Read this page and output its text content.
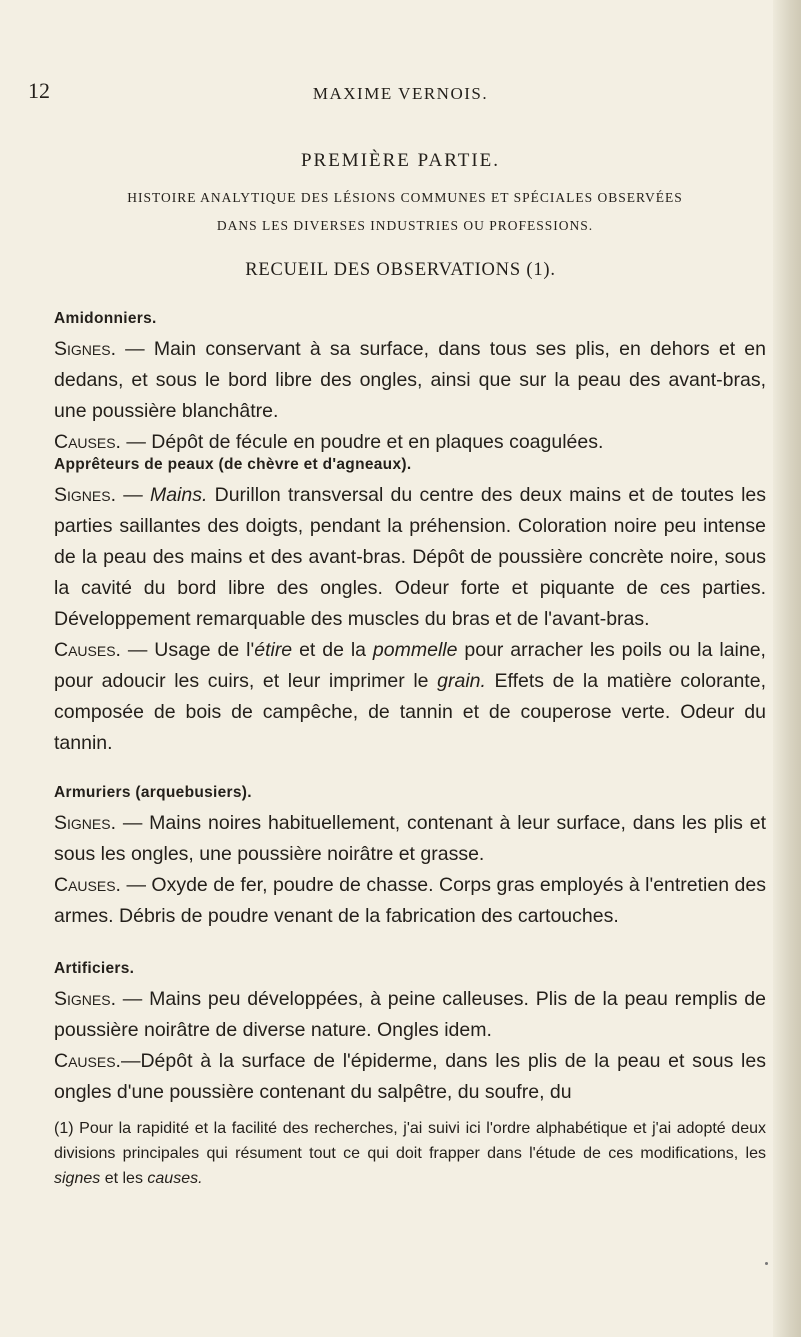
12	MAXIME VERNOIS.
PREMIÈRE PARTIE.
HISTOIRE ANALYTIQUE DES LÉSIONS COMMUNES ET SPÉCIALES OBSERVÉES
DANS LES DIVERSES INDUSTRIES OU PROFESSIONS.
RECUEIL DES OBSERVATIONS (1).
Amidonniers.
Signes. — Main conservant à sa surface, dans tous ses plis, en dehors et en dedans, et sous le bord libre des ongles, ainsi que sur la peau des avant-bras, une poussière blanchâtre.
Causes. — Dépôt de fécule en poudre et en plaques coagulées.
Apprêteurs de peaux (de chèvre et d'agneaux).
Signes. — Mains. Durillon transversal du centre des deux mains et de toutes les parties saillantes des doigts, pendant la préhension. Coloration noire peu intense de la peau des mains et des avant-bras. Dépôt de poussière concrète noire, sous la cavité du bord libre des ongles. Odeur forte et piquante de ces parties. Développement remarquable des muscles du bras et de l'avant-bras.
Causes. — Usage de l'étire et de la pommelle pour arracher les poils ou la laine, pour adoucir les cuirs, et leur imprimer le grain. Effets de la matière colorante, composée de bois de campêche, de tannin et de couperose verte. Odeur du tannin.
Armuriers (arquebusiers).
Signes. — Mains noires habituellement, contenant à leur surface, dans les plis et sous les ongles, une poussière noirâtre et grasse.
Causes. — Oxyde de fer, poudre de chasse. Corps gras employés à l'entretien des armes. Débris de poudre venant de la fabrication des cartouches.
Artificiers.
Signes. — Mains peu développées, à peine calleuses. Plis de la peau remplis de poussière noirâtre de diverse nature. Ongles idem.
Causes.—Dépôt à la surface de l'épiderme, dans les plis de la peau et sous les ongles d'une poussière contenant du salpêtre, du soufre, du
(1) Pour la rapidité et la facilité des recherches, j'ai suivi ici l'ordre alphabétique et j'ai adopté deux divisions principales qui résument tout ce qui doit frapper dans l'étude de ces modifications, les signes et les causes.
